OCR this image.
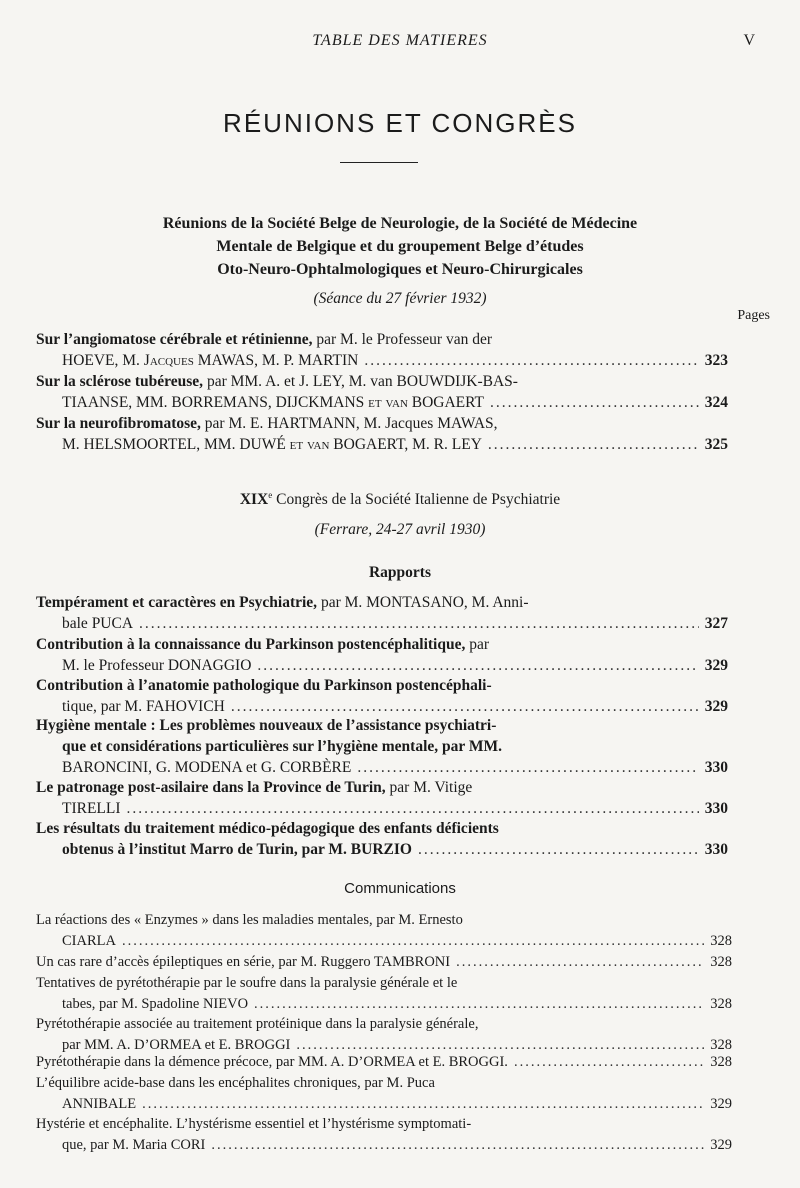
TABLE DES MATIERES	V
RÉUNIONS ET CONGRÈS
Réunions de la Société Belge de Neurologie, de la Société de Médecine
Mentale de Belgique et du groupement Belge d’études
Oto-Neuro-Ophtalmologiques et Neuro-Chirurgicales
(Séance du 27 février 1932)
Pages
Sur l’angiomatose cérébrale et rétinienne, par M. le Professeur van der
HOEVE, M. Jacques MAWAS, M. P. MARTIN .....	323
Sur la sclérose tubéreuse, par MM. A. et J. LEY, M. van BOUWDIJK-BAS-
TIAANSE, MM. BORREMANS, DIJCKMANS et van BOGAERT .....	324
Sur la neurofibromatose, par M. E. HARTMANN, M. Jacques MAWAS,
M. HELSMOORTEL, MM. DUWÉ et van BOGAERT, M. R. LEY .....	325
XIXe Congrès de la Société Italienne de Psychiatrie
(Ferrare, 24-27 avril 1930)
Rapports
Tempérament et caractères en Psychiatrie, par M. MONTASANO, M. Anni-
bale PUCA .....	327
Contribution à la connaissance du Parkinson postencéphalitique, par
M. le Professeur DONAGGIO .....	329
Contribution à l’anatomie pathologique du Parkinson postencéphali-
tique, par M. FAHOVICH .....	329
Hygiène mentale : Les problèmes nouveaux de l’assistance psychiatri-
que et considérations particulières sur l’hygiène mentale, par MM.
BARONCINI, G. MODENA et G. CORBÈRE .....	330
Le patronage post-asilaire dans la Province de Turin, par M. Vitige
TIRELLI .....	330
Les résultats du traitement médico-pédagogique des enfants déficients
obtenus à l’institut Marro de Turin, par M. BURZIO .....	330
Communications
La réactions des « Enzymes » dans les maladies mentales, par M. Ernesto
CIARLA .....	328
Un cas rare d’accès épileptiques en série, par M. Ruggero TAMBRONI .....	328
Tentatives de pyrétothérapie par le soufre dans la paralysie générale et le
tabes, par M. Spadoline NIEVO .....	328
Pyrétothérapie associée au traitement protéinique dans la paralysie générale,
par MM. A. D’ORMEA et E. BROGGI .....	328
Pyrétothérapie dans la démence précoce, par MM. A. D’ORMEA et E. BROGGI. .....	328
L’équilibre acide-base dans les encéphalites chroniques, par M. Puca
ANNIBALE .....	329
Hystérie et encéphalite. L’hystérisme essentiel et l’hystérisme symptomati-
que, par M. Maria CORI .....	329
